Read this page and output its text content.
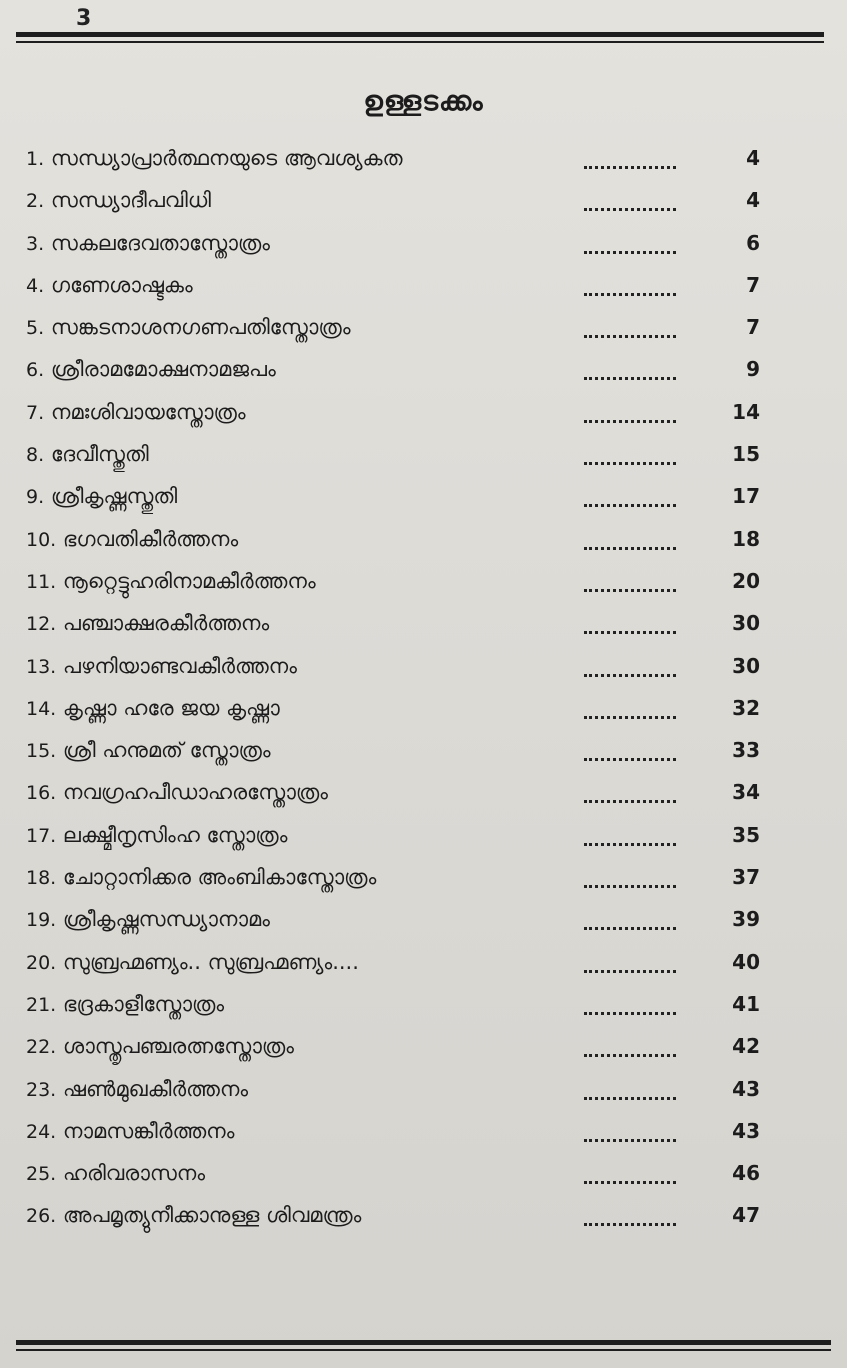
3
ഉള്ളടക്കം
1. സന്ധ്യാപ്രാർത്ഥനയുടെ ആവശ്യകത	4
2. സന്ധ്യാദീപവിധി	4
3. സകലദേവതാസ്തോത്രം	6
4. ഗണേശാഷ്ടകം	7
5. സങ്കടനാശനഗണപതിസ്തോത്രം	7
6. ശ്രീരാമമോക്ഷനാമജപം	9
7. നമഃശിവായസ്തോത്രം	14
8. ദേവീസ്തുതി	15
9. ശ്രീകൃഷ്ണസ്തുതി	17
10. ഭഗവതികീർത്തനം	18
11. നൂറ്റെട്ടുഹരിനാമകീർത്തനം	20
12. പഞ്ചാക്ഷരകീർത്തനം	30
13. പഴനിയാണ്ടവകീർത്തനം	30
14. കൃഷ്ണാ ഹരേ ജയ കൃഷ്ണാ	32
15. ശ്രീ ഹനുമത് സ്തോത്രം	33
16. നവഗ്രഹപീഡാഹരസ്തോത്രം	34
17. ലക്ഷ്മീനൃസിംഹ സ്തോത്രം	35
18. ചോറ്റാനിക്കര അംബികാസ്തോത്രം	37
19. ശ്രീകൃഷ്ണസന്ധ്യാനാമം	39
20. സുബ്രഹ്മണ്യം.. സുബ്രഹ്മണ്യം....	40
21. ഭദ്രകാളീസ്തോത്രം	41
22. ശാസ്തൃപഞ്ചരത്നസ്തോത്രം	42
23. ഷൺമുഖകീർത്തനം	43
24. നാമസങ്കീർത്തനം	43
25. ഹരിവരാസനം	46
26. അപമൃത്യുനീക്കാനുള്ള ശിവമന്ത്രം	47
